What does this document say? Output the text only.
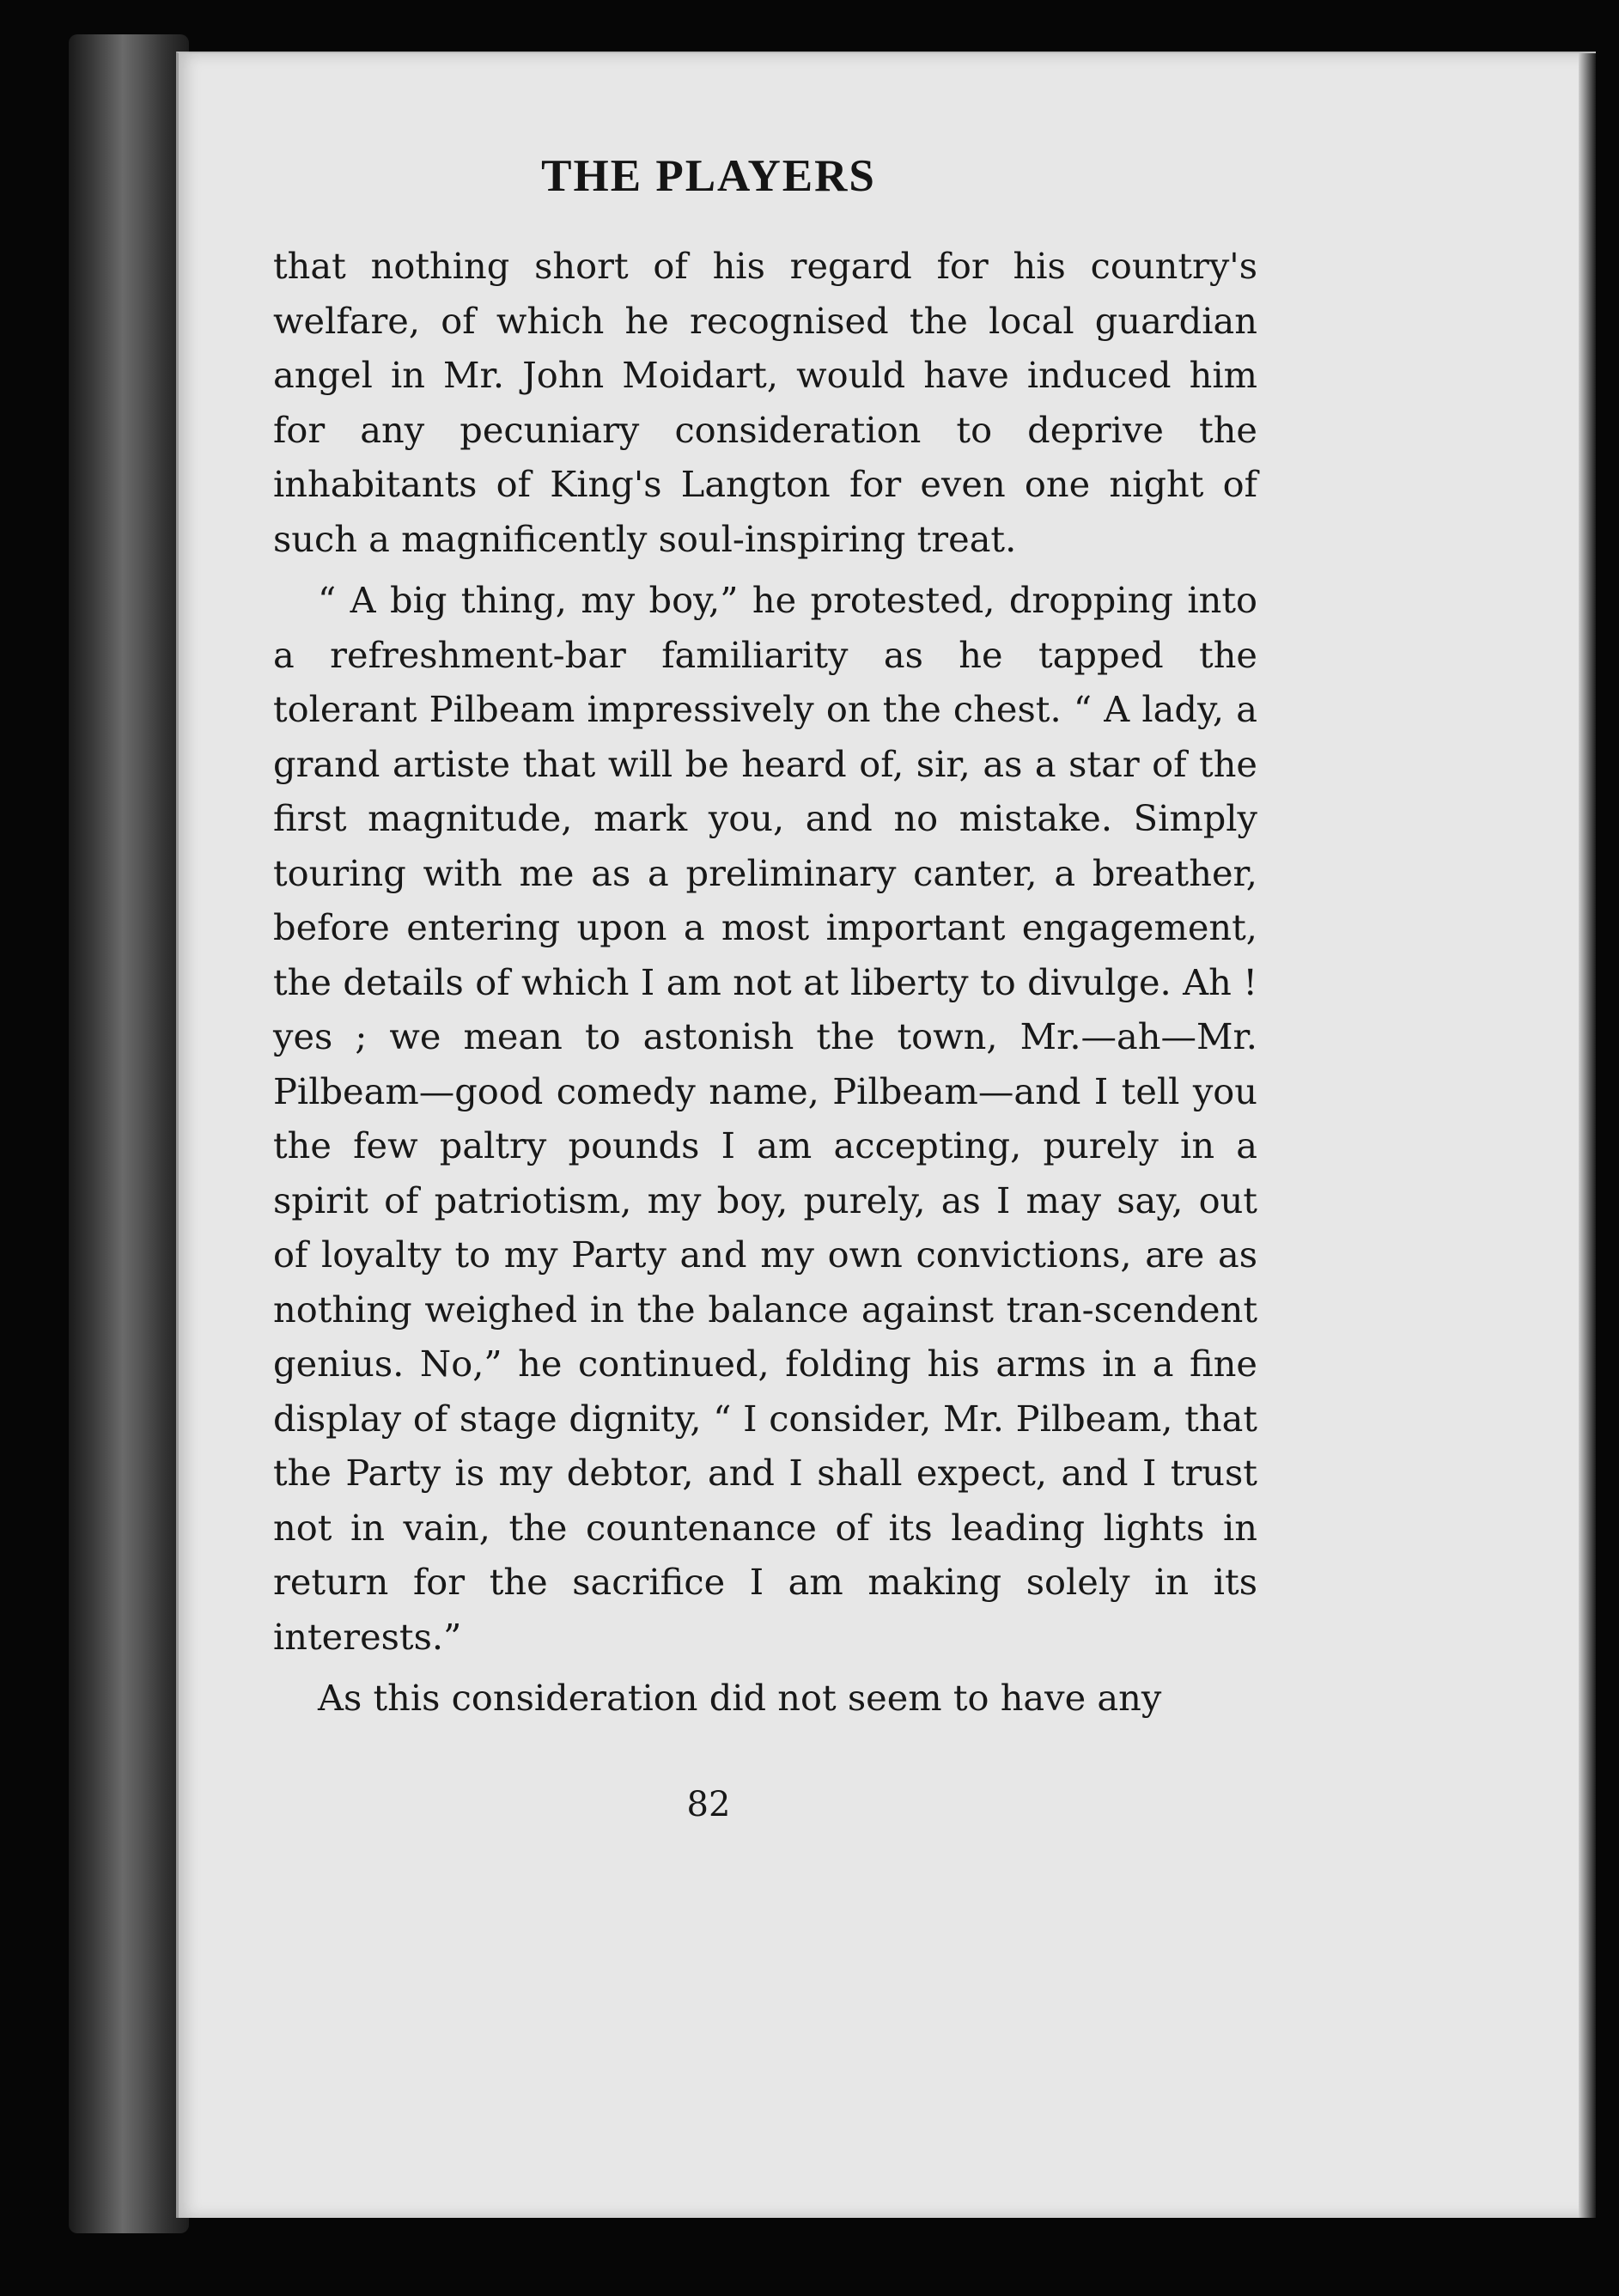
THE PLAYERS

that nothing short of his regard for his country's welfare, of which he recognised the local guardian angel in Mr. John Moidart, would have induced him for any pecuniary consideration to deprive the inhabitants of King's Langton for even one night of such a magnificently soul-inspiring treat.

“ A big thing, my boy,” he protested, dropping into a refreshment-bar familiarity as he tapped the tolerant Pilbeam impressively on the chest. “ A lady, a grand artiste that will be heard of, sir, as a star of the first magnitude, mark you, and no mistake. Simply touring with me as a preliminary canter, a breather, before entering upon a most important engagement, the details of which I am not at liberty to divulge. Ah ! yes ; we mean to astonish the town, Mr.—ah—Mr. Pilbeam—good comedy name, Pilbeam—and I tell you the few paltry pounds I am accepting, purely in a spirit of patriotism, my boy, purely, as I may say, out of loyalty to my Party and my own convictions, are as nothing weighed in the balance against tran-scendent genius. No,” he continued, folding his arms in a fine display of stage dignity, “ I consider, Mr. Pilbeam, that the Party is my debtor, and I shall expect, and I trust not in vain, the countenance of its leading lights in return for the sacrifice I am making solely in its interests.”

As this consideration did not seem to have any

82
